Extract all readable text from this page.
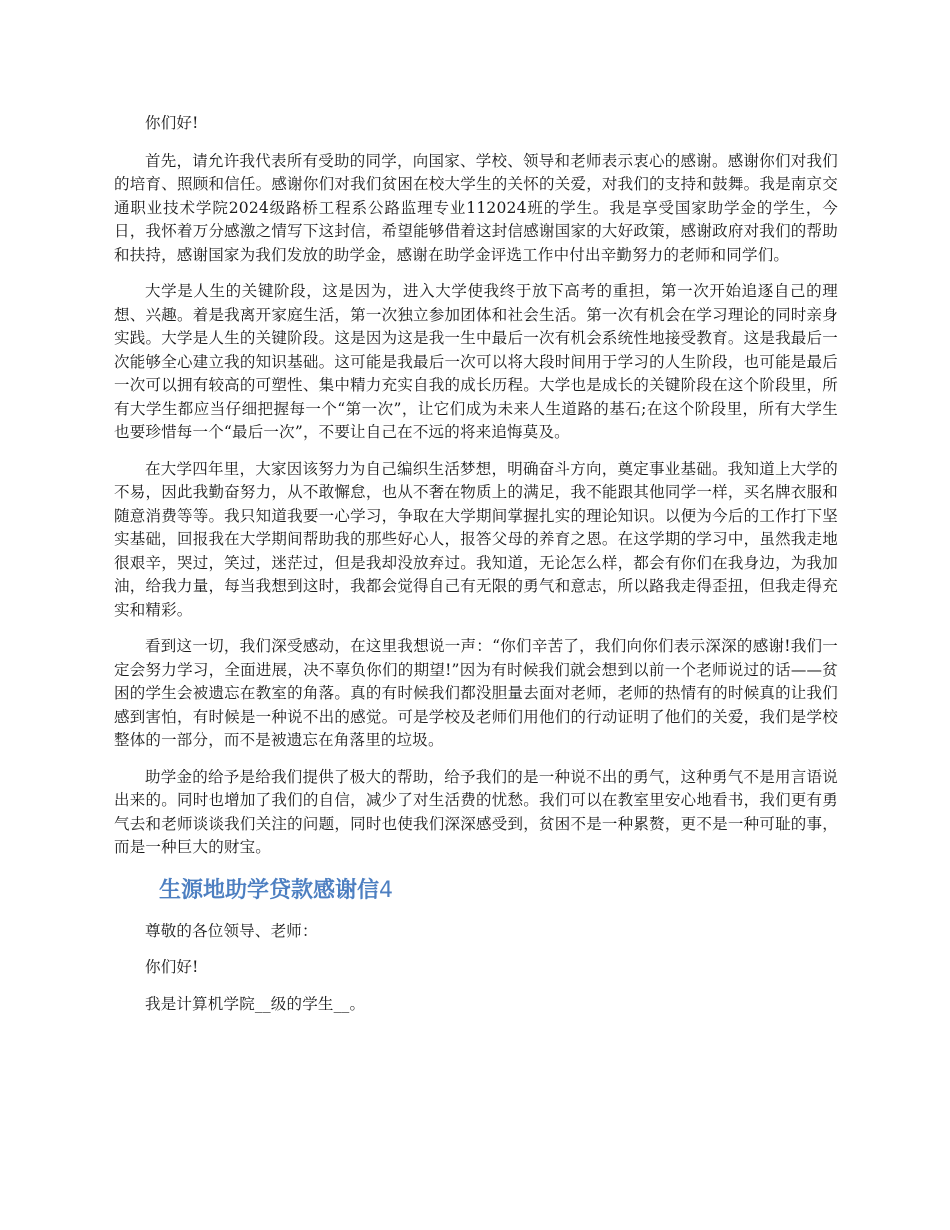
你们好!

首先，请允许我代表所有受助的同学，向国家、学校、领导和老师表示衷心的感谢。感谢你们对我们的培育、照顾和信任。感谢你们对我们贫困在校大学生的关怀的关爱，对我们的支持和鼓舞。我是南京交通职业技术学院2024级路桥工程系公路监理专业112024班的学生。我是享受国家助学金的学生，今日，我怀着万分感激之情写下这封信，希望能够借着这封信感谢国家的大好政策，感谢政府对我们的帮助和扶持，感谢国家为我们发放的助学金，感谢在助学金评选工作中付出辛勤努力的老师和同学们。

大学是人生的关键阶段，这是因为，进入大学使我终于放下高考的重担，第一次开始追逐自己的理想、兴趣。着是我离开家庭生活，第一次独立参加团体和社会生活。第一次有机会在学习理论的同时亲身实践。大学是人生的关键阶段。这是因为这是我一生中最后一次有机会系统性地接受教育。这是我最后一次能够全心建立我的知识基础。这可能是我最后一次可以将大段时间用于学习的人生阶段，也可能是最后一次可以拥有较高的可塑性、集中精力充实自我的成长历程。大学也是成长的关键阶段在这个阶段里，所有大学生都应当仔细把握每一个“第一次”，让它们成为未来人生道路的基石;在这个阶段里，所有大学生也要珍惜每一个“最后一次”，不要让自己在不远的将来追悔莫及。

在大学四年里，大家因该努力为自己编织生活梦想，明确奋斗方向，奠定事业基础。我知道上大学的不易，因此我勤奋努力，从不敢懈怠，也从不奢在物质上的满足，我不能跟其他同学一样，买名牌衣服和随意消费等等。我只知道我要一心学习，争取在大学期间掌握扎实的理论知识。以便为今后的工作打下坚实基础，回报我在大学期间帮助我的那些好心人，报答父母的养育之恩。在这学期的学习中，虽然我走地很艰辛，哭过，笑过，迷茫过，但是我却没放弃过。我知道，无论怎么样，都会有你们在我身边，为我加油，给我力量，每当我想到这时，我都会觉得自己有无限的勇气和意志，所以路我走得歪扭，但我走得充实和精彩。

看到这一切，我们深受感动，在这里我想说一声：“你们辛苦了，我们向你们表示深深的感谢!我们一定会努力学习，全面进展，决不辜负你们的期望!”因为有时候我们就会想到以前一个老师说过的话——贫困的学生会被遗忘在教室的角落。真的有时候我们都没胆量去面对老师，老师的热情有的时候真的让我们感到害怕，有时候是一种说不出的感觉。可是学校及老师们用他们的行动证明了他们的关爱，我们是学校整体的一部分，而不是被遗忘在角落里的垃圾。

助学金的给予是给我们提供了极大的帮助，给予我们的是一种说不出的勇气，这种勇气不是用言语说出来的。同时也增加了我们的自信，减少了对生活费的忧愁。我们可以在教室里安心地看书，我们更有勇气去和老师谈谈我们关注的问题，同时也使我们深深感受到，贫困不是一种累赘，更不是一种可耻的事，而是一种巨大的财宝。

生源地助学贷款感谢信4

尊敬的各位领导、老师：

你们好!

我是计算机学院__级的学生__。
